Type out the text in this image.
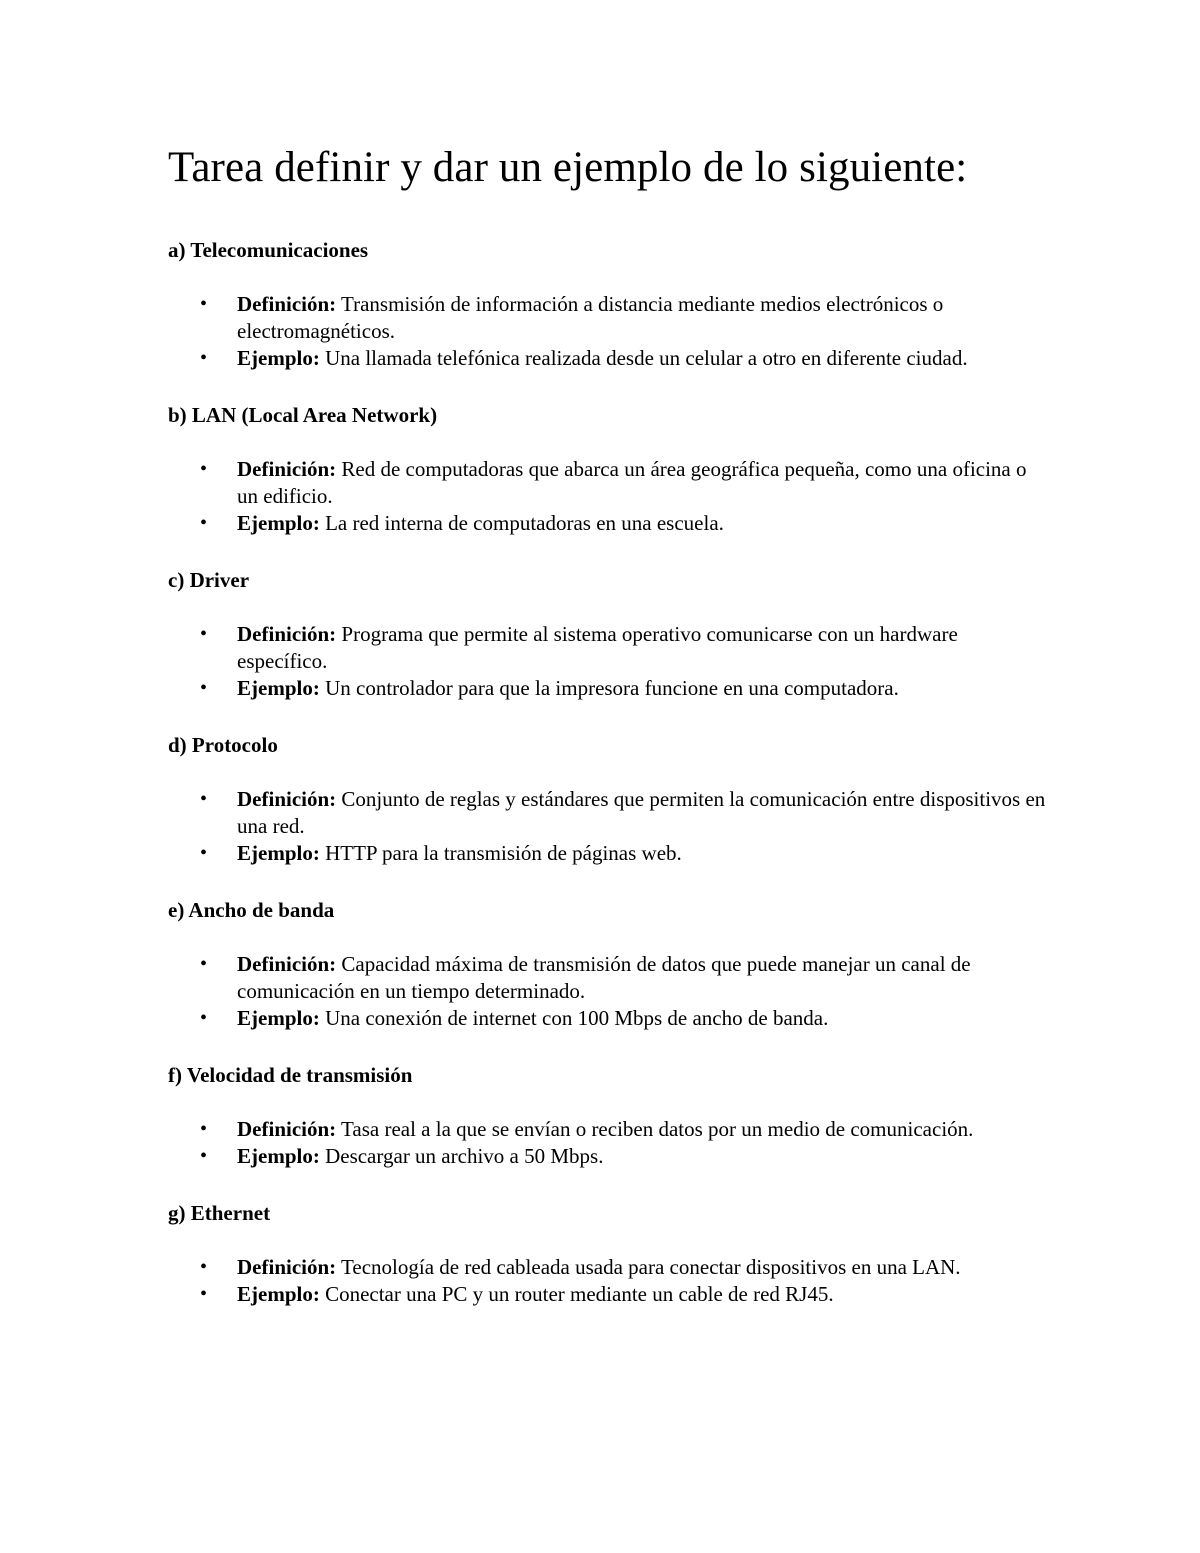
Tarea definir y dar un ejemplo de lo siguiente:
a) Telecomunicaciones
• Definición: Transmisión de información a distancia mediante medios electrónicos o electromagnéticos.
• Ejemplo: Una llamada telefónica realizada desde un celular a otro en diferente ciudad.
b) LAN (Local Area Network)
• Definición: Red de computadoras que abarca un área geográfica pequeña, como una oficina o un edificio.
• Ejemplo: La red interna de computadoras en una escuela.
c) Driver
• Definición: Programa que permite al sistema operativo comunicarse con un hardware específico.
• Ejemplo: Un controlador para que la impresora funcione en una computadora.
d) Protocolo
• Definición: Conjunto de reglas y estándares que permiten la comunicación entre dispositivos en una red.
• Ejemplo: HTTP para la transmisión de páginas web.
e) Ancho de banda
• Definición: Capacidad máxima de transmisión de datos que puede manejar un canal de comunicación en un tiempo determinado.
• Ejemplo: Una conexión de internet con 100 Mbps de ancho de banda.
f) Velocidad de transmisión
• Definición: Tasa real a la que se envían o reciben datos por un medio de comunicación.
• Ejemplo: Descargar un archivo a 50 Mbps.
g) Ethernet
• Definición: Tecnología de red cableada usada para conectar dispositivos en una LAN.
• Ejemplo: Conectar una PC y un router mediante un cable de red RJ45.
